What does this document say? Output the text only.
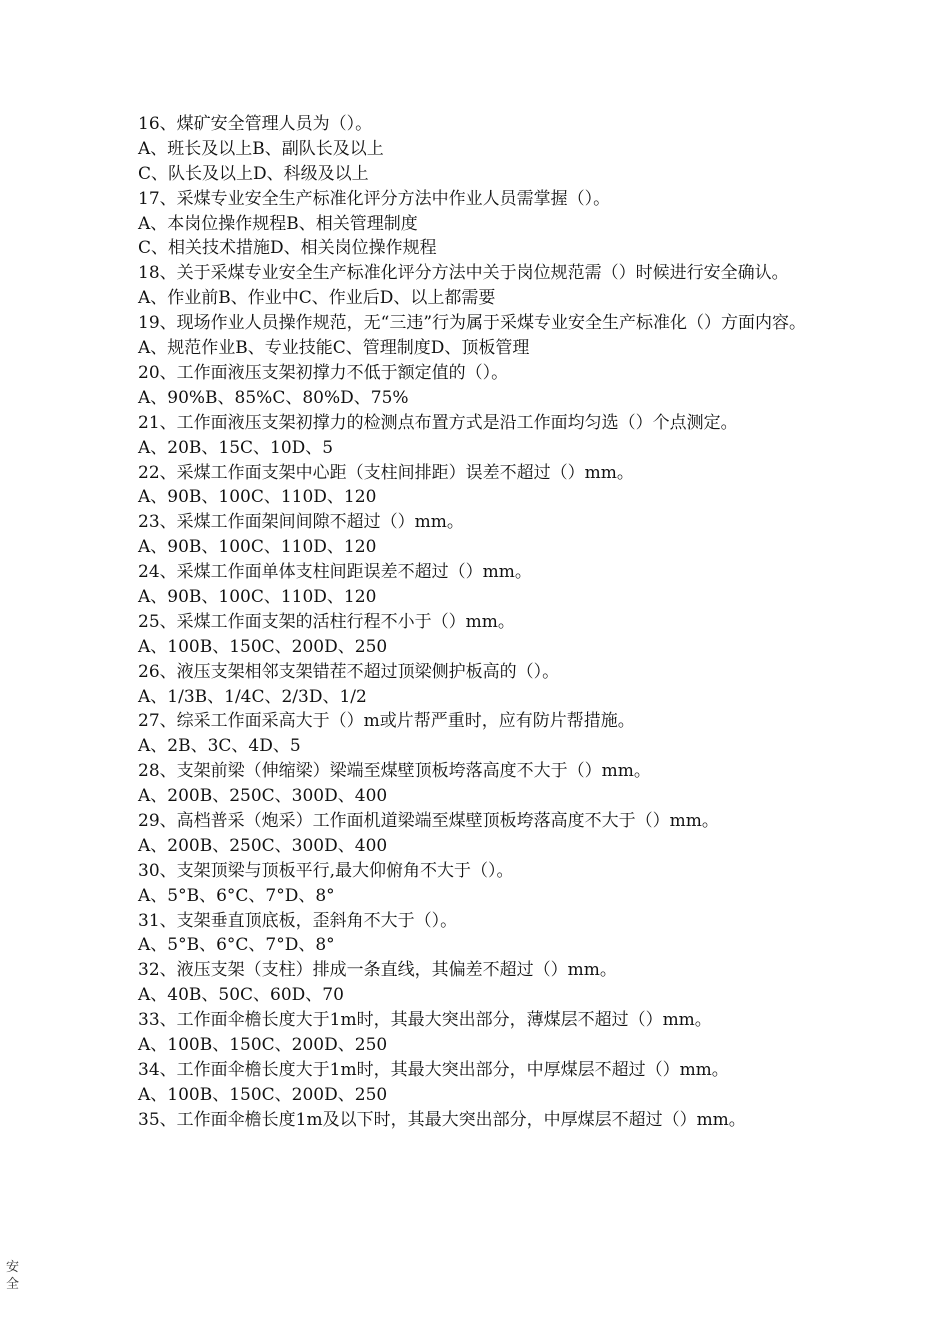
16、煤矿安全管理人员为（）。
A、班长及以上B、副队长及以上
C、队长及以上D、科级及以上
17、采煤专业安全生产标准化评分方法中作业人员需掌握（）。
A、本岗位操作规程B、相关管理制度
C、相关技术措施D、相关岗位操作规程
18、关于采煤专业安全生产标准化评分方法中关于岗位规范需（）时候进行安全确认。
A、作业前B、作业中C、作业后D、以上都需要
19、现场作业人员操作规范，无“三违”行为属于采煤专业安全生产标准化（）方面内容。
A、规范作业B、专业技能C、管理制度D、顶板管理
20、工作面液压支架初撑力不低于额定值的（）。
A、90%B、85%C、80%D、75%
21、工作面液压支架初撑力的检测点布置方式是沿工作面均匀选（）个点测定。
A、20B、15C、10D、5
22、采煤工作面支架中心距（支柱间排距）误差不超过（）mm。
A、90B、100C、110D、120
23、采煤工作面架间间隙不超过（）mm。
A、90B、100C、110D、120
24、采煤工作面单体支柱间距误差不超过（）mm。
A、90B、100C、110D、120
25、采煤工作面支架的活柱行程不小于（）mm。
A、100B、150C、200D、250
26、液压支架相邻支架错茬不超过顶梁侧护板高的（）。
A、1/3B、1/4C、2/3D、1/2
27、综采工作面采高大于（）m或片帮严重时，应有防片帮措施。
A、2B、3C、4D、5
28、支架前梁（伸缩梁）梁端至煤壁顶板垮落高度不大于（）mm。
A、200B、250C、300D、400
29、高档普采（炮采）工作面机道梁端至煤壁顶板垮落高度不大于（）mm。
A、200B、250C、300D、400
30、支架顶梁与顶板平行,最大仰俯角不大于（）。
A、5°B、6°C、7°D、8°
31、支架垂直顶底板，歪斜角不大于（）。
A、5°B、6°C、7°D、8°
32、液压支架（支柱）排成一条直线，其偏差不超过（）mm。
A、40B、50C、60D、70
33、工作面伞檐长度大于1m时，其最大突出部分，薄煤层不超过（）mm。
A、100B、150C、200D、250
34、工作面伞檐长度大于1m时，其最大突出部分，中厚煤层不超过（）mm。
A、100B、150C、200D、250
35、工作面伞檐长度1m及以下时，其最大突出部分，中厚煤层不超过（）mm。
安
全
